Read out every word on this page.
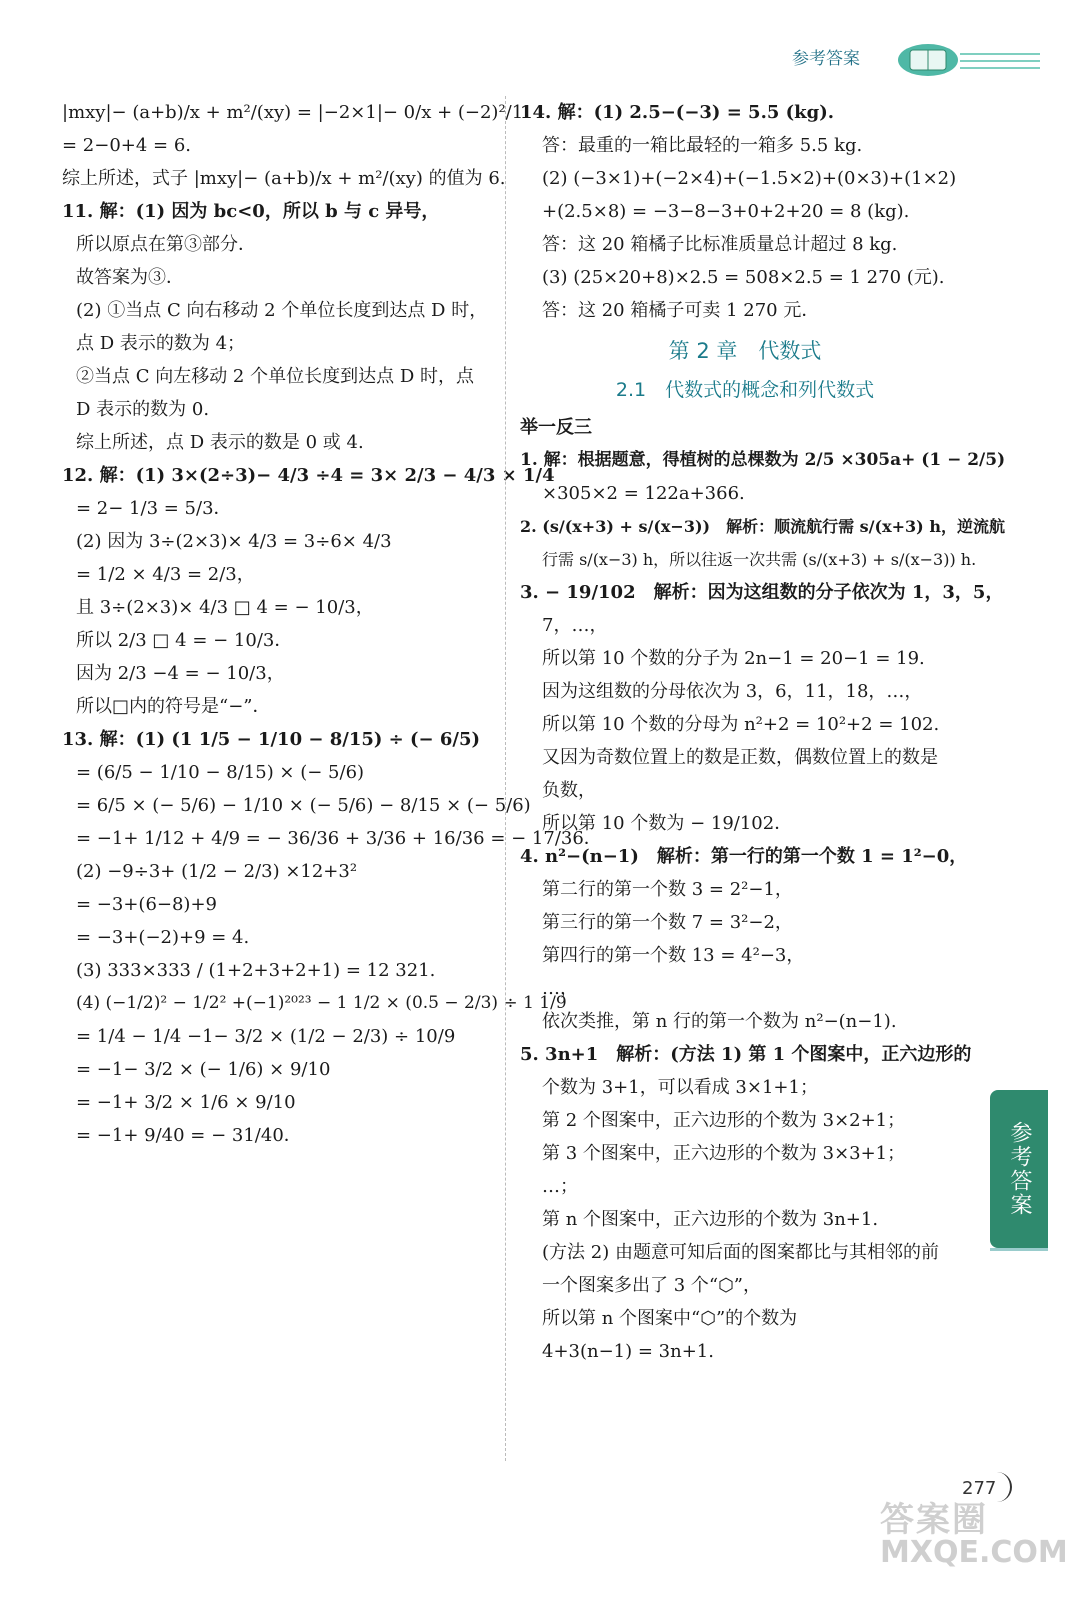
参考答案
|mxy|− (a+b)/x + m²/(xy) = |−2×1|− 0/x + (−2)²/1
= 2−0+4 = 6.
综上所述，式子 |mxy|− (a+b)/x + m²/(xy) 的值为 6.
11. 解：(1) 因为 bc<0，所以 b 与 c 异号，
所以原点在第③部分．
故答案为③．
(2) ①当点 C 向右移动 2 个单位长度到达点 D 时，
点 D 表示的数为 4；
②当点 C 向左移动 2 个单位长度到达点 D 时，点
D 表示的数为 0.
综上所述，点 D 表示的数是 0 或 4.
12. 解：(1) 3×(2÷3)− 4/3 ÷4 = 3× 2/3 − 4/3 × 1/4
= 2− 1/3 = 5/3．
(2) 因为 3÷(2×3)× 4/3 = 3÷6× 4/3
= 1/2 × 4/3 = 2/3，
且 3÷(2×3)× 4/3 □ 4 = − 10/3，
所以 2/3 □ 4 = − 10/3．
因为 2/3 −4 = − 10/3，
所以□内的符号是“−”．
13. 解：(1) (1 1/5 − 1/10 − 8/15) ÷ (− 6/5)
= (6/5 − 1/10 − 8/15) × (− 5/6)
= 6/5 × (− 5/6) − 1/10 × (− 5/6) − 8/15 × (− 5/6)
= −1+ 1/12 + 4/9 = − 36/36 + 3/36 + 16/36 = − 17/36．
(2) −9÷3+ (1/2 − 2/3) ×12+3²
= −3+(6−8)+9
= −3+(−2)+9 = 4.
(3) 333×333 / (1+2+3+2+1) = 12 321.
(4) (−1/2)² − 1/2² +(−1)²⁰²³ − 1 1/2 × (0.5 − 2/3) ÷ 1 1/9
= 1/4 − 1/4 −1− 3/2 × (1/2 − 2/3) ÷ 10/9
= −1− 3/2 × (− 1/6) × 9/10
= −1+ 3/2 × 1/6 × 9/10
= −1+ 9/40 = − 31/40．
14. 解：(1) 2.5−(−3) = 5.5 (kg).
答：最重的一箱比最轻的一箱多 5.5 kg.
(2) (−3×1)+(−2×4)+(−1.5×2)+(0×3)+(1×2)
+(2.5×8) = −3−8−3+0+2+20 = 8 (kg).
答：这 20 箱橘子比标准质量总计超过 8 kg.
(3) (25×20+8)×2.5 = 508×2.5 = 1 270 (元).
答：这 20 箱橘子可卖 1 270 元．
第 2 章　代数式
2.1　代数式的概念和列代数式
举一反三
1. 解：根据题意，得植树的总棵数为 2/5 ×305a+ (1 − 2/5)
×305×2 = 122a+366.
2. (s/(x+3) + s/(x−3))　解析：顺流航行需 s/(x+3) h，逆流航
行需 s/(x−3) h，所以往返一次共需 (s/(x+3) + s/(x−3)) h.
3. − 19/102　解析：因为这组数的分子依次为 1，3，5，
7，…，
所以第 10 个数的分子为 2n−1 = 20−1 = 19.
因为这组数的分母依次为 3，6，11，18，…，
所以第 10 个数的分母为 n²+2 = 10²+2 = 102.
又因为奇数位置上的数是正数，偶数位置上的数是
负数，
所以第 10 个数为 − 19/102．
4. n²−(n−1)　解析：第一行的第一个数 1 = 1²−0，
第二行的第一个数 3 = 2²−1，
第三行的第一个数 7 = 3²−2，
第四行的第一个数 13 = 4²−3，
…，
依次类推，第 n 行的第一个数为 n²−(n−1).
5. 3n+1　解析：(方法 1) 第 1 个图案中，正六边形的
个数为 3+1，可以看成 3×1+1；
第 2 个图案中，正六边形的个数为 3×2+1；
第 3 个图案中，正六边形的个数为 3×3+1；
…；
第 n 个图案中，正六边形的个数为 3n+1.
(方法 2) 由题意可知后面的图案都比与其相邻的前
一个图案多出了 3 个“⬡”，
所以第 n 个图案中“⬡”的个数为
4+3(n−1) = 3n+1.
参考答案
277
答案圈
MXQE.COM
